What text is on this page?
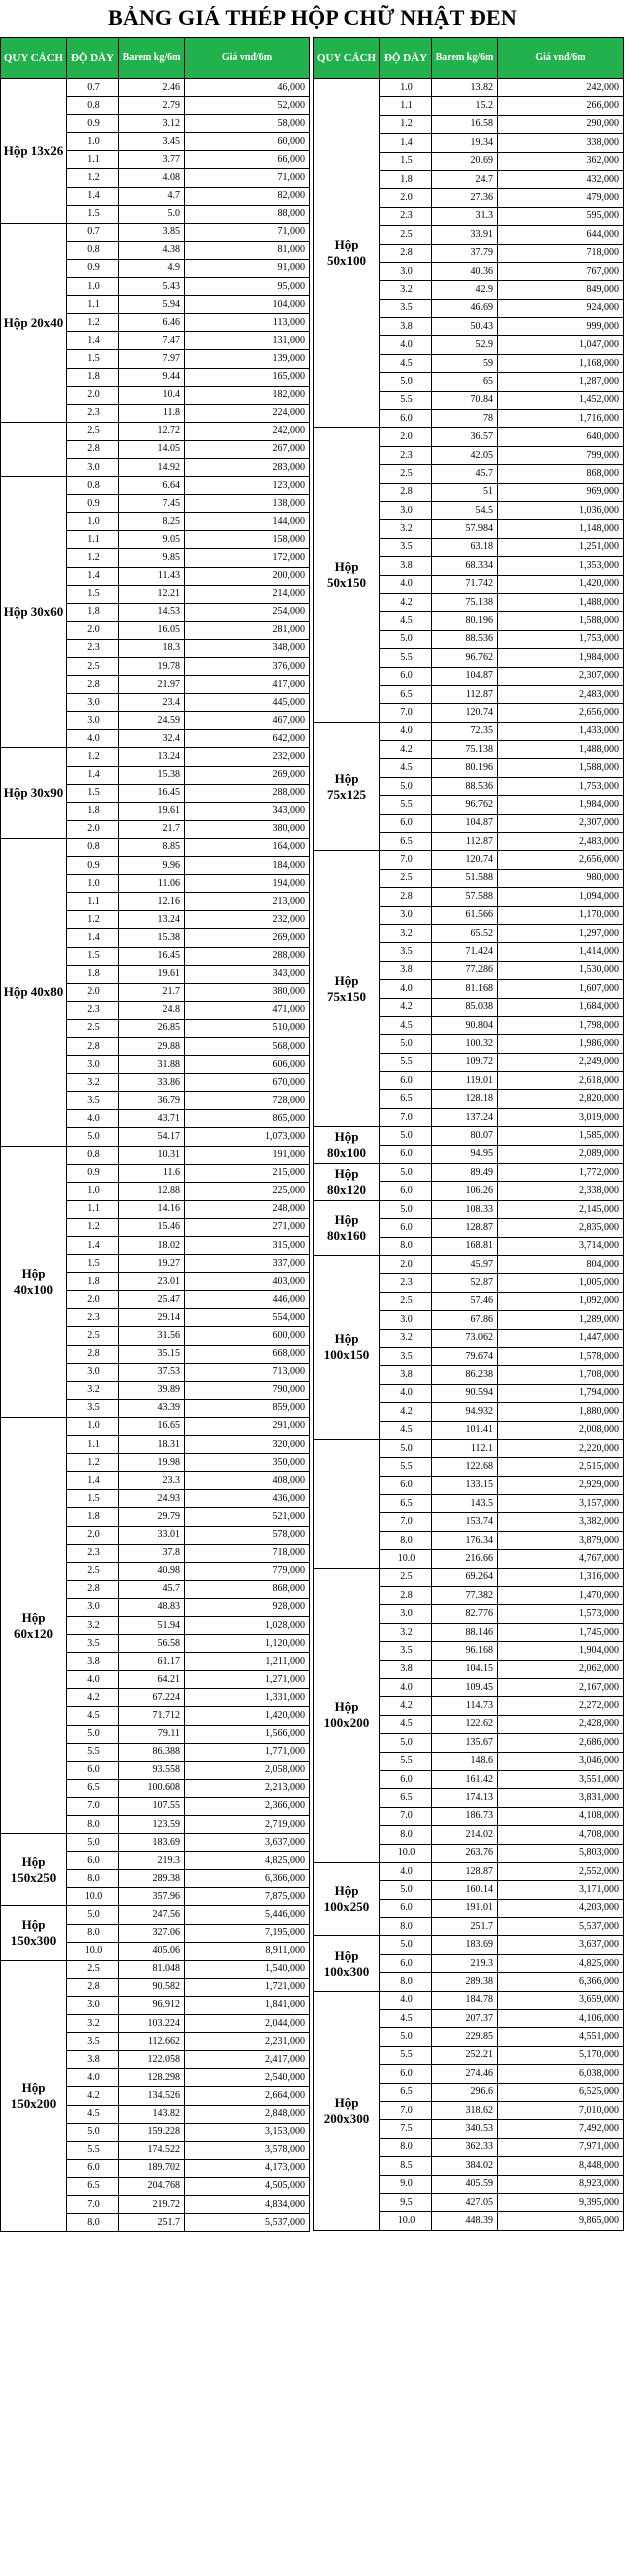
BẢNG GIÁ THÉP HỘP CHỮ NHẬT ĐEN
QUY CÁCH	ĐỘ DÀY	Barem kg/6m	Giá vnđ/6m
Hộp 13x26	0.7	2.46	46,000
	0.8	2.79	52,000
	0.9	3.12	58,000
	1.0	3.45	60,000
	1.1	3.77	66,000
	1.2	4.08	71,000
	1.4	4.7	82,000
	1.5	5.0	88,000
Hộp 20x40	0.7	3.85	71,000
	0.8	4.38	81,000
	0.9	4.9	91,000
	1.0	5.43	95,000
	1.1	5.94	104,000
	1.2	6.46	113,000
	1.4	7.47	131,000
	1.5	7.97	139,000
	1.8	9.44	165,000
	2.0	10.4	182,000
	2.3	11.8	224,000
	2.5	12.72	242,000
	2.8	14.05	267,000
	3.0	14.92	283,000
Hộp 30x60	0.8	6.64	123,000
	0.9	7.45	138,000
	1.0	8.25	144,000
	1.1	9.05	158,000
	1.2	9.85	172,000
	1.4	11.43	200,000
	1.5	12.21	214,000
	1.8	14.53	254,000
	2.0	16.05	281,000
	2.3	18.3	348,000
	2.5	19.78	376,000
	2.8	21.97	417,000
	3.0	23.4	445,000
	3.0	24.59	467,000
	4.0	32.4	642,000
Hộp 30x90	1.2	13.24	232,000
	1.4	15.38	269,000
	1.5	16.45	288,000
	1.8	19.61	343,000
	2.0	21.7	380,000
Hộp 40x80	0.8	8.85	164,000
	0.9	9.96	184,000
	1.0	11.06	194,000
	1.1	12.16	213,000
	1.2	13.24	232,000
	1.4	15.38	269,000
	1.5	16.45	288,000
	1.8	19.61	343,000
	2.0	21.7	380,000
	2.3	24.8	471,000
	2.5	26.85	510,000
	2.8	29.88	568,000
	3.0	31.88	606,000
	3.2	33.86	670,000
	3.5	36.79	728,000
	4.0	43.71	865,000
	5.0	54.17	1,073,000
Hộp 40x100	0.8	10.31	191,000
	0.9	11.6	215,000
	1.0	12.88	225,000
	1.1	14.16	248,000
	1.2	15.46	271,000
	1.4	18.02	315,000
	1.5	19.27	337,000
	1.8	23.01	403,000
	2.0	25.47	446,000
	2.3	29.14	554,000
	2.5	31.56	600,000
	2.8	35.15	668,000
	3.0	37.53	713,000
	3.2	39.89	790,000
	3.5	43.39	859,000
Hộp 60x120	1.0	16.65	291,000
	1.1	18.31	320,000
	1.2	19.98	350,000
	1.4	23.3	408,000
	1.5	24.93	436,000
	1.8	29.79	521,000
	2.0	33.01	578,000
	2.3	37.8	718,000
	2.5	40.98	779,000
	2.8	45.7	868,000
	3.0	48.83	928,000
	3.2	51.94	1,028,000
	3.5	56.58	1,120,000
	3.8	61.17	1,211,000
	4.0	64.21	1,271,000
	4.2	67.224	1,331,000
	4.5	71.712	1,420,000
	5.0	79.11	1,566,000
	5.5	86.388	1,771,000
	6.0	93.558	2,058,000
	6.5	100.608	2,213,000
	7.0	107.55	2,366,000
	8.0	123.59	2,719,000
Hộp 150x250	5.0	183.69	3,637,000
	6.0	219.3	4,825,000
	8.0	289.38	6,366,000
	10.0	357.96	7,875,000
Hộp 150x300	5.0	247.56	5,446,000
	8.0	327.06	7,195,000
	10.0	405.06	8,911,000
Hộp 150x200	2.5	81.048	1,540,000
	2.8	90.582	1,721,000
	3.0	96.912	1,841,000
	3.2	103.224	2,044,000
	3.5	112.662	2,231,000
	3.8	122.058	2,417,000
	4.0	128.298	2,540,000
	4.2	134.526	2,664,000
	4.5	143.82	2,848,000
	5.0	159.228	3,153,000
	5.5	174.522	3,578,000
	6.0	189.702	4,173,000
	6.5	204.768	4,505,000
	7.0	219.72	4,834,000
	8.0	251.7	5,537,000
QUY CÁCH	ĐỘ DÀY	Barem kg/6m	Giá vnđ/6m
Hộp 50x100	1.0	13.82	242,000
	1.1	15.2	266,000
	1.2	16.58	290,000
	1.4	19.34	338,000
	1.5	20.69	362,000
	1.8	24.7	432,000
	2.0	27.36	479,000
	2.3	31.3	595,000
	2.5	33.91	644,000
	2.8	37.79	718,000
	3.0	40.36	767,000
	3.2	42.9	849,000
	3.5	46.69	924,000
	3.8	50.43	999,000
	4.0	52.9	1,047,000
	4.5	59	1,168,000
	5.0	65	1,287,000
	5.5	70.84	1,452,000
	6.0	78	1,716,000
Hộp 50x150	2.0	36.57	640,000
	2.3	42.05	799,000
	2.5	45.7	868,000
	2.8	51	969,000
	3.0	54.5	1,036,000
	3.2	57.984	1,148,000
	3.5	63.18	1,251,000
	3.8	68.334	1,353,000
	4.0	71.742	1,420,000
	4.2	75.138	1,488,000
	4.5	80.196	1,588,000
	5.0	88.536	1,753,000
	5.5	96.762	1,984,000
	6.0	104.87	2,307,000
	6.5	112.87	2,483,000
	7.0	120.74	2,656,000
Hộp 75x125	4.0	72.35	1,433,000
	4.2	75.138	1,488,000
	4.5	80.196	1,588,000
	5.0	88.536	1,753,000
	5.5	96.762	1,984,000
	6.0	104.87	2,307,000
	6.5	112.87	2,483,000
Hộp 75x150	7.0	120.74	2,656,000
	2.5	51.588	980,000
	2.8	57.588	1,094,000
	3.0	61.566	1,170,000
	3.2	65.52	1,297,000
	3.5	71.424	1,414,000
	3.8	77.286	1,530,000
	4.0	81.168	1,607,000
	4.2	85.038	1,684,000
	4.5	90.804	1,798,000
	5.0	100.32	1,986,000
	5.5	109.72	2,249,000
	6.0	119.01	2,618,000
	6.5	128.18	2,820,000
	7.0	137.24	3,019,000
Hộp 80x100	5.0	80.07	1,585,000
	6.0	94.95	2,089,000
Hộp 80x120	5.0	89.49	1,772,000
	6.0	106.26	2,338,000
Hộp 80x160	5.0	108.33	2,145,000
	6.0	128.87	2,835,000
	8.0	168.81	3,714,000
Hộp 100x150	2.0	45.97	804,000
	2.3	52.87	1,005,000
	2.5	57.46	1,092,000
	3.0	67.86	1,289,000
	3.2	73.062	1,447,000
	3.5	79.674	1,578,000
	3.8	86.238	1,708,000
	4.0	90.594	1,794,000
	4.2	94.932	1,880,000
	4.5	101.41	2,008,000
	5.0	112.1	2,220,000
	5.5	122.68	2,515,000
	6.0	133.15	2,929,000
	6.5	143.5	3,157,000
	7.0	153.74	3,382,000
	8.0	176.34	3,879,000
	10.0	216.66	4,767,000
Hộp 100x200	2.5	69.264	1,316,000
	2.8	77.382	1,470,000
	3.0	82.776	1,573,000
	3.2	88.146	1,745,000
	3.5	96.168	1,904,000
	3.8	104.15	2,062,000
	4.0	109.45	2,167,000
	4.2	114.73	2,272,000
	4.5	122.62	2,428,000
	5.0	135.67	2,686,000
	5.5	148.6	3,046,000
	6.0	161.42	3,551,000
	6.5	174.13	3,831,000
	7.0	186.73	4,108,000
	8.0	214.02	4,708,000
	10.0	263.76	5,803,000
Hộp 100x250	4.0	128.87	2,552,000
	5.0	160.14	3,171,000
	6.0	191.01	4,203,000
	8.0	251.7	5,537,000
Hộp 100x300	5.0	183.69	3,637,000
	6.0	219.3	4,825,000
	8.0	289.38	6,366,000
Hộp 200x300	4.0	184.78	3,659,000
	4.5	207.37	4,106,000
	5.0	229.85	4,551,000
	5.5	252.21	5,170,000
	6.0	274.46	6,038,000
	6.5	296.6	6,525,000
	7.0	318.62	7,010,000
	7.5	340.53	7,492,000
	8.0	362.33	7,971,000
	8.5	384.02	8,448,000
	9.0	405.59	8,923,000
	9.5	427.05	9,395,000
	10.0	448.39	9,865,000
